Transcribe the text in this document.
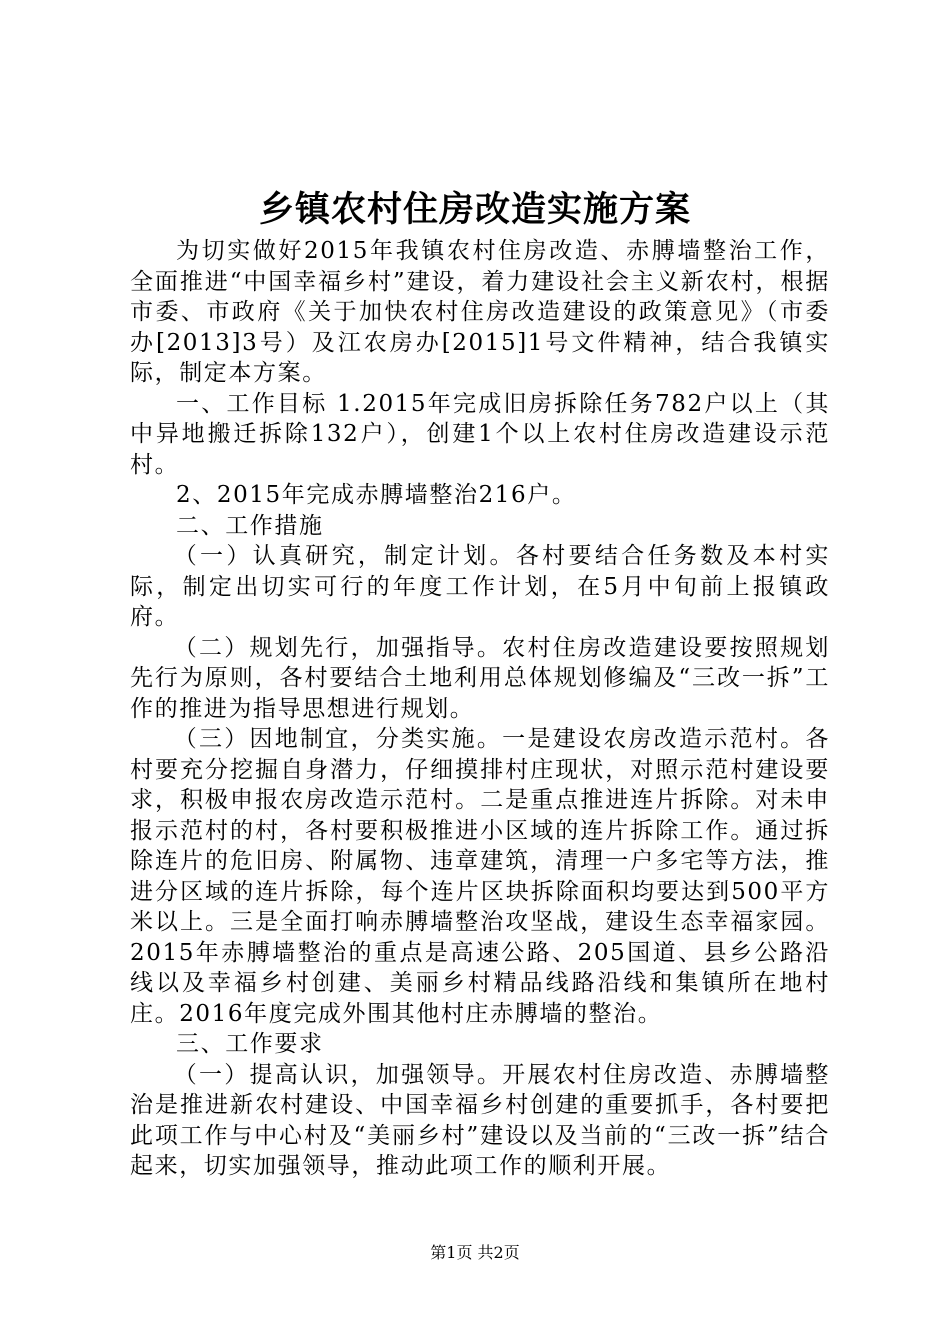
乡镇农村住房改造实施方案

为切实做好2015年我镇农村住房改造、赤膊墙整治工作，全面推进“中国幸福乡村”建设，着力建设社会主义新农村，根据市委、市政府《关于加快农村住房改造建设的政策意见》（市委办[2013]3号）及江农房办[2015]1号文件精神，结合我镇实际，制定本方案。

一、工作目标 1.2015年完成旧房拆除任务782户以上（其中异地搬迁拆除132户），创建1个以上农村住房改造建设示范村。

2、2015年完成赤膊墙整治216户。

二、工作措施

（一）认真研究，制定计划。各村要结合任务数及本村实际，制定出切实可行的年度工作计划，在5月中旬前上报镇政府。

（二）规划先行，加强指导。农村住房改造建设要按照规划先行为原则，各村要结合土地利用总体规划修编及“三改一拆”工作的推进为指导思想进行规划。

（三）因地制宜，分类实施。一是建设农房改造示范村。各村要充分挖掘自身潜力，仔细摸排村庄现状，对照示范村建设要求，积极申报农房改造示范村。二是重点推进连片拆除。对未申报示范村的村，各村要积极推进小区域的连片拆除工作。通过拆除连片的危旧房、附属物、违章建筑，清理一户多宅等方法，推进分区域的连片拆除，每个连片区块拆除面积均要达到500平方米以上。三是全面打响赤膊墙整治攻坚战，建设生态幸福家园。2015年赤膊墙整治的重点是高速公路、205国道、县乡公路沿线以及幸福乡村创建、美丽乡村精品线路沿线和集镇所在地村庄。2016年度完成外围其他村庄赤膊墙的整治。

三、工作要求

（一）提高认识，加强领导。开展农村住房改造、赤膊墙整治是推进新农村建设、中国幸福乡村创建的重要抓手，各村要把此项工作与中心村及“美丽乡村”建设以及当前的“三改一拆”结合起来，切实加强领导，推动此项工作的顺利开展。

第1页 共2页
